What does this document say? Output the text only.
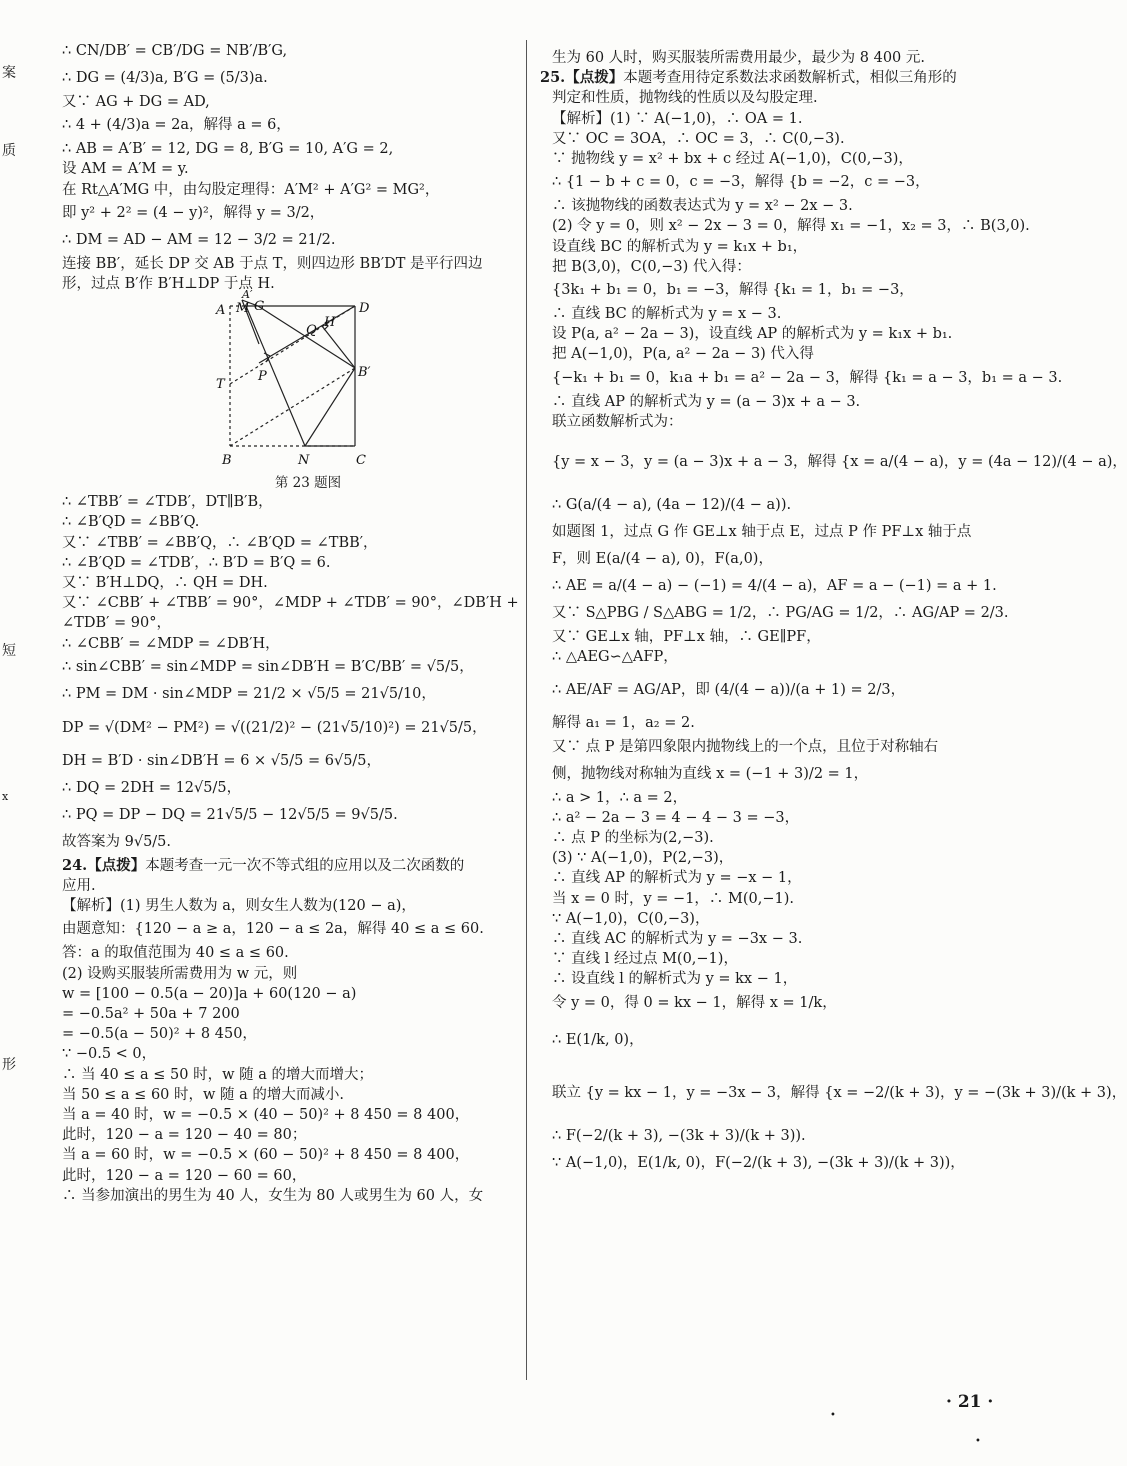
案
质
短
x
形
∴ CN/DB′ = CB′/DG = NB′/B′G,
∴ DG = (4/3)a, B′G = (5/3)a.
又∵ AG + DG = AD,
∴ 4 + (4/3)a = 2a，解得 a = 6，
∴ AB = A′B′ = 12, DG = 8, B′G = 10, A′G = 2,
设 AM = A′M = y.
在 Rt△A′MG 中，由勾股定理得：A′M² + A′G² = MG²，
即 y² + 2² = (4 − y)²，解得 y = 3/2，
∴ DM = AD − AM = 12 − 3/2 = 21/2.
连接 BB′，延长 DP 交 AB 于点 T，则四边形 BB′DT 是平行四边
形，过点 B′作 B′H⊥DP 于点 H.
A
A′
M G	D
Q
H
T
P	B′
B	N	C
第 23 题图
∴ ∠TBB′ = ∠TDB′，DT∥B′B，
∴ ∠B′QD = ∠BB′Q.
又∵ ∠TBB′ = ∠BB′Q，∴ ∠B′QD = ∠TBB′，
∴ ∠B′QD = ∠TDB′，∴ B′D = B′Q = 6.
又∵ B′H⊥DQ，∴ QH = DH.
又∵ ∠CBB′ + ∠TBB′ = 90°，∠MDP + ∠TDB′ = 90°，∠DB′H +
∠TDB′ = 90°，
∴ ∠CBB′ = ∠MDP = ∠DB′H，
∴ sin∠CBB′ = sin∠MDP = sin∠DB′H = B′C/BB′ = √5/5，
∴ PM = DM · sin∠MDP = 21/2 × √5/5 = 21√5/10，
DP = √(DM² − PM²) = √((21/2)² − (21√5/10)²) = 21√5/5，
DH = B′D · sin∠DB′H = 6 × √5/5 = 6√5/5，
∴ DQ = 2DH = 12√5/5，
∴ PQ = DP − DQ = 21√5/5 − 12√5/5 = 9√5/5.
故答案为 9√5/5.
24.【点拨】本题考查一元一次不等式组的应用以及二次函数的
应用.
【解析】(1) 男生人数为 a，则女生人数为(120 − a)，
由题意知：{120 − a ≥ a，120 − a ≤ 2a，解得 40 ≤ a ≤ 60.
答：a 的取值范围为 40 ≤ a ≤ 60.
(2) 设购买服装所需费用为 w 元，则
w = [100 − 0.5(a − 20)]a + 60(120 − a)
= −0.5a² + 50a + 7 200
= −0.5(a − 50)² + 8 450，
∵ −0.5 < 0，
∴ 当 40 ≤ a ≤ 50 时，w 随 a 的增大而增大；
当 50 ≤ a ≤ 60 时，w 随 a 的增大而减小.
当 a = 40 时，w = −0.5 × (40 − 50)² + 8 450 = 8 400，
此时，120 − a = 120 − 40 = 80；
当 a = 60 时，w = −0.5 × (60 − 50)² + 8 450 = 8 400，
此时，120 − a = 120 − 60 = 60，
∴ 当参加演出的男生为 40 人，女生为 80 人或男生为 60 人，女
生为 60 人时，购买服装所需费用最少，最少为 8 400 元.
25.【点拨】本题考查用待定系数法求函数解析式，相似三角形的
判定和性质，抛物线的性质以及勾股定理.
【解析】(1) ∵ A(−1,0)，∴ OA = 1.
又∵ OC = 3OA，∴ OC = 3，∴ C(0,−3).
∵ 抛物线 y = x² + bx + c 经过 A(−1,0)，C(0,−3)，
∴ {1 − b + c = 0，c = −3，解得 {b = −2，c = −3，
∴ 该抛物线的函数表达式为 y = x² − 2x − 3.
(2) 令 y = 0，则 x² − 2x − 3 = 0，解得 x₁ = −1，x₂ = 3，∴ B(3,0).
设直线 BC 的解析式为 y = k₁x + b₁，
把 B(3,0)，C(0,−3) 代入得：
{3k₁ + b₁ = 0，b₁ = −3，解得 {k₁ = 1，b₁ = −3，
∴ 直线 BC 的解析式为 y = x − 3.
设 P(a, a² − 2a − 3)，设直线 AP 的解析式为 y = k₁x + b₁.
把 A(−1,0)，P(a, a² − 2a − 3) 代入得
{−k₁ + b₁ = 0，k₁a + b₁ = a² − 2a − 3，解得 {k₁ = a − 3，b₁ = a − 3.
∴ 直线 AP 的解析式为 y = (a − 3)x + a − 3.
联立函数解析式为：
{y = x − 3，y = (a − 3)x + a − 3，解得 {x = a/(4 − a)，y = (4a − 12)/(4 − a)，
∴ G(a/(4 − a), (4a − 12)/(4 − a)).
如题图 1，过点 G 作 GE⊥x 轴于点 E，过点 P 作 PF⊥x 轴于点
F，则 E(a/(4 − a), 0)，F(a,0)，
∴ AE = a/(4 − a) − (−1) = 4/(4 − a)，AF = a − (−1) = a + 1.
又∵ S△PBG / S△ABG = 1/2，∴ PG/AG = 1/2，∴ AG/AP = 2/3.
又∵ GE⊥x 轴，PF⊥x 轴，∴ GE∥PF，
∴ △AEG∽△AFP，
∴ AE/AF = AG/AP，即 (4/(4 − a))/(a + 1) = 2/3，
解得 a₁ = 1，a₂ = 2.
又∵ 点 P 是第四象限内抛物线上的一个点，且位于对称轴右
侧，抛物线对称轴为直线 x = (−1 + 3)/2 = 1，
∴ a > 1，∴ a = 2，
∴ a² − 2a − 3 = 4 − 4 − 3 = −3，
∴ 点 P 的坐标为(2,−3).
(3) ∵ A(−1,0)，P(2,−3)，
∴ 直线 AP 的解析式为 y = −x − 1，
当 x = 0 时，y = −1，∴ M(0,−1).
∵ A(−1,0)，C(0,−3)，
∴ 直线 AC 的解析式为 y = −3x − 3.
∵ 直线 l 经过点 M(0,−1)，
∴ 设直线 l 的解析式为 y = kx − 1，
令 y = 0，得 0 = kx − 1，解得 x = 1/k，
∴ E(1/k, 0)，
联立 {y = kx − 1，y = −3x − 3，解得 {x = −2/(k + 3)，y = −(3k + 3)/(k + 3)，
∴ F(−2/(k + 3), −(3k + 3)/(k + 3)).
∵ A(−1,0)，E(1/k, 0)，F(−2/(k + 3), −(3k + 3)/(k + 3))，
· 21 ·
•
•
